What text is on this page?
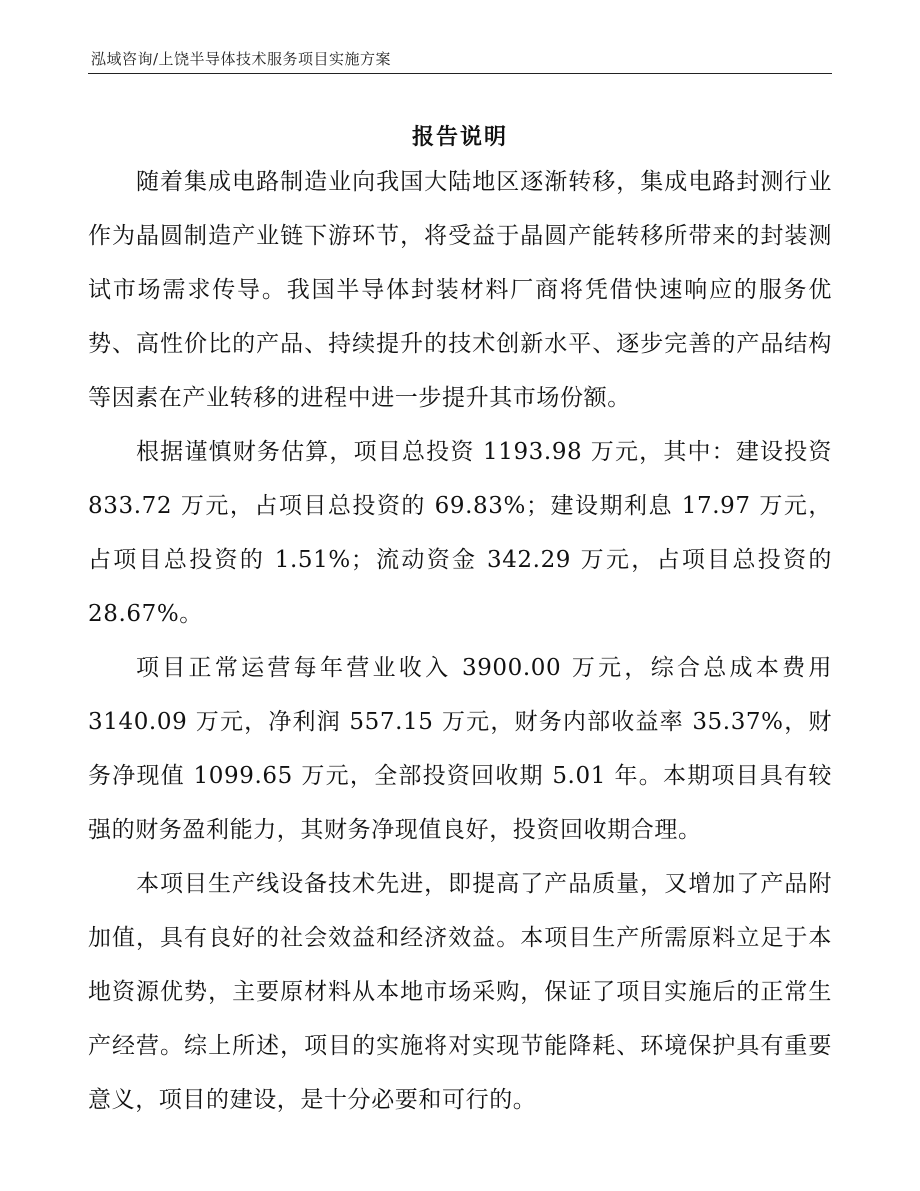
泓域咨询/上饶半导体技术服务项目实施方案
报告说明

随着集成电路制造业向我国大陆地区逐渐转移，集成电路封测行业作为晶圆制造产业链下游环节，将受益于晶圆产能转移所带来的封装测试市场需求传导。我国半导体封装材料厂商将凭借快速响应的服务优势、高性价比的产品、持续提升的技术创新水平、逐步完善的产品结构等因素在产业转移的进程中进一步提升其市场份额。

根据谨慎财务估算，项目总投资 1193.98 万元，其中：建设投资 833.72 万元，占项目总投资的 69.83%；建设期利息 17.97 万元，占项目总投资的 1.51%；流动资金 342.29 万元，占项目总投资的 28.67%。

项目正常运营每年营业收入 3900.00 万元，综合总成本费用 3140.09 万元，净利润 557.15 万元，财务内部收益率 35.37%，财务净现值 1099.65 万元，全部投资回收期 5.01 年。本期项目具有较强的财务盈利能力，其财务净现值良好，投资回收期合理。

本项目生产线设备技术先进，即提高了产品质量，又增加了产品附加值，具有良好的社会效益和经济效益。本项目生产所需原料立足于本地资源优势，主要原材料从本地市场采购，保证了项目实施后的正常生产经营。综上所述，项目的实施将对实现节能降耗、环境保护具有重要意义，项目的建设，是十分必要和可行的。
